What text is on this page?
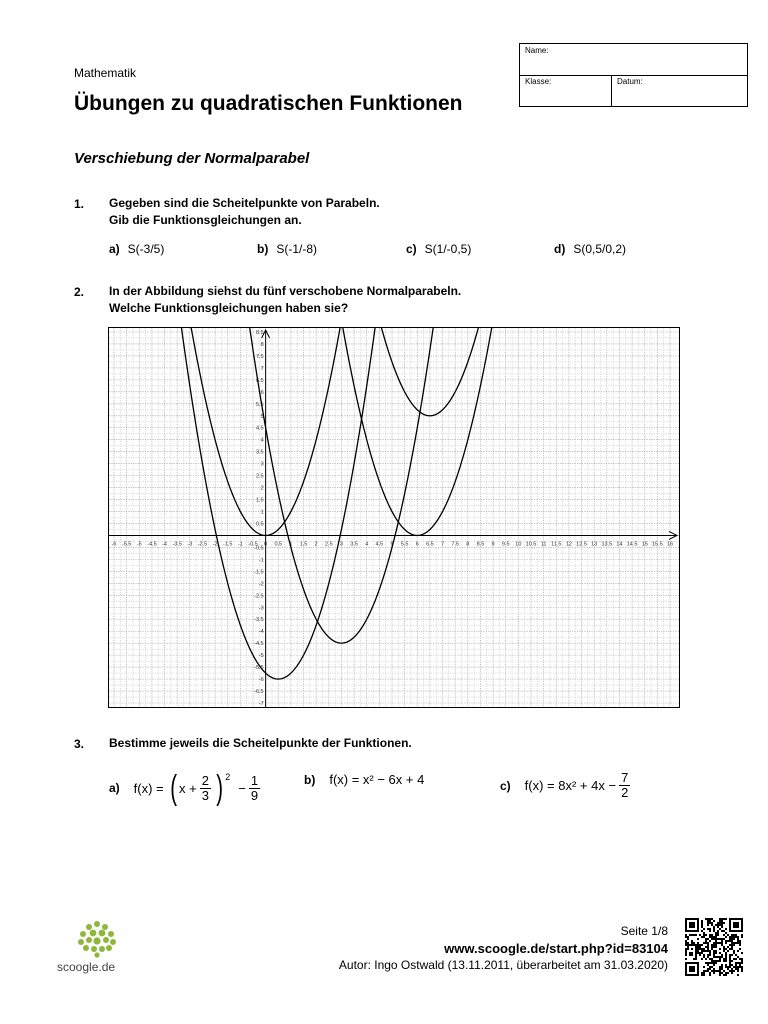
Mathematik
Übungen zu quadratischen Funktionen
Name:
Klasse:	Datum:
Verschiebung der Normalparabel
1. Gegeben sind die Scheitelpunkte von Parabeln.
Gib die Funktionsgleichungen an.
a) S(-3/5)	b) S(-1/-8)	c) S(1/-0,5)	d) S(0,5/0,2)
2. In der Abbildung siehst du fünf verschobene Normalparabeln.
Welche Funktionsgleichungen haben sie?
-6 -5.5 -5 -4.5 -4 -3.5 -3 -2.5 -2 -1.5 -1 -0.5 0 0.5 1 1.5 2 2.5 3 3.5 4 4.5 5 5.5 6 6.5 7 7.5 8 8.5 9 9.5 10 10.5 11 11.5 12 12.5 13 13.5 14 14.5 15 15.5 16
-7
-6.5
-6
-5.5
-5
-4.5
-4
-3.5
-3
-2.5
-2
-1.5
-1
-0.5
0.5
1
1.5
2
2.5
3
3.5
4
4.5
5
5.5
6
6.5
7
7.5
8
8.5
3. Bestimme jeweils die Scheitelpunkte der Funktionen.
a) f(x) = ( $x + \frac{2}{3}$ ) $^2$
− $\frac{1}{9}$	b) f(x) = x² − 6x + 4	c) $f(x) = 8x^2 + 4x - \frac{7}{2}$
scoogle.de
Seite 1/8
www.scoogle.de/start.php?id=83104
Autor: Ingo Ostwald (13.11.2011, überarbeitet am 31.03.2020)
